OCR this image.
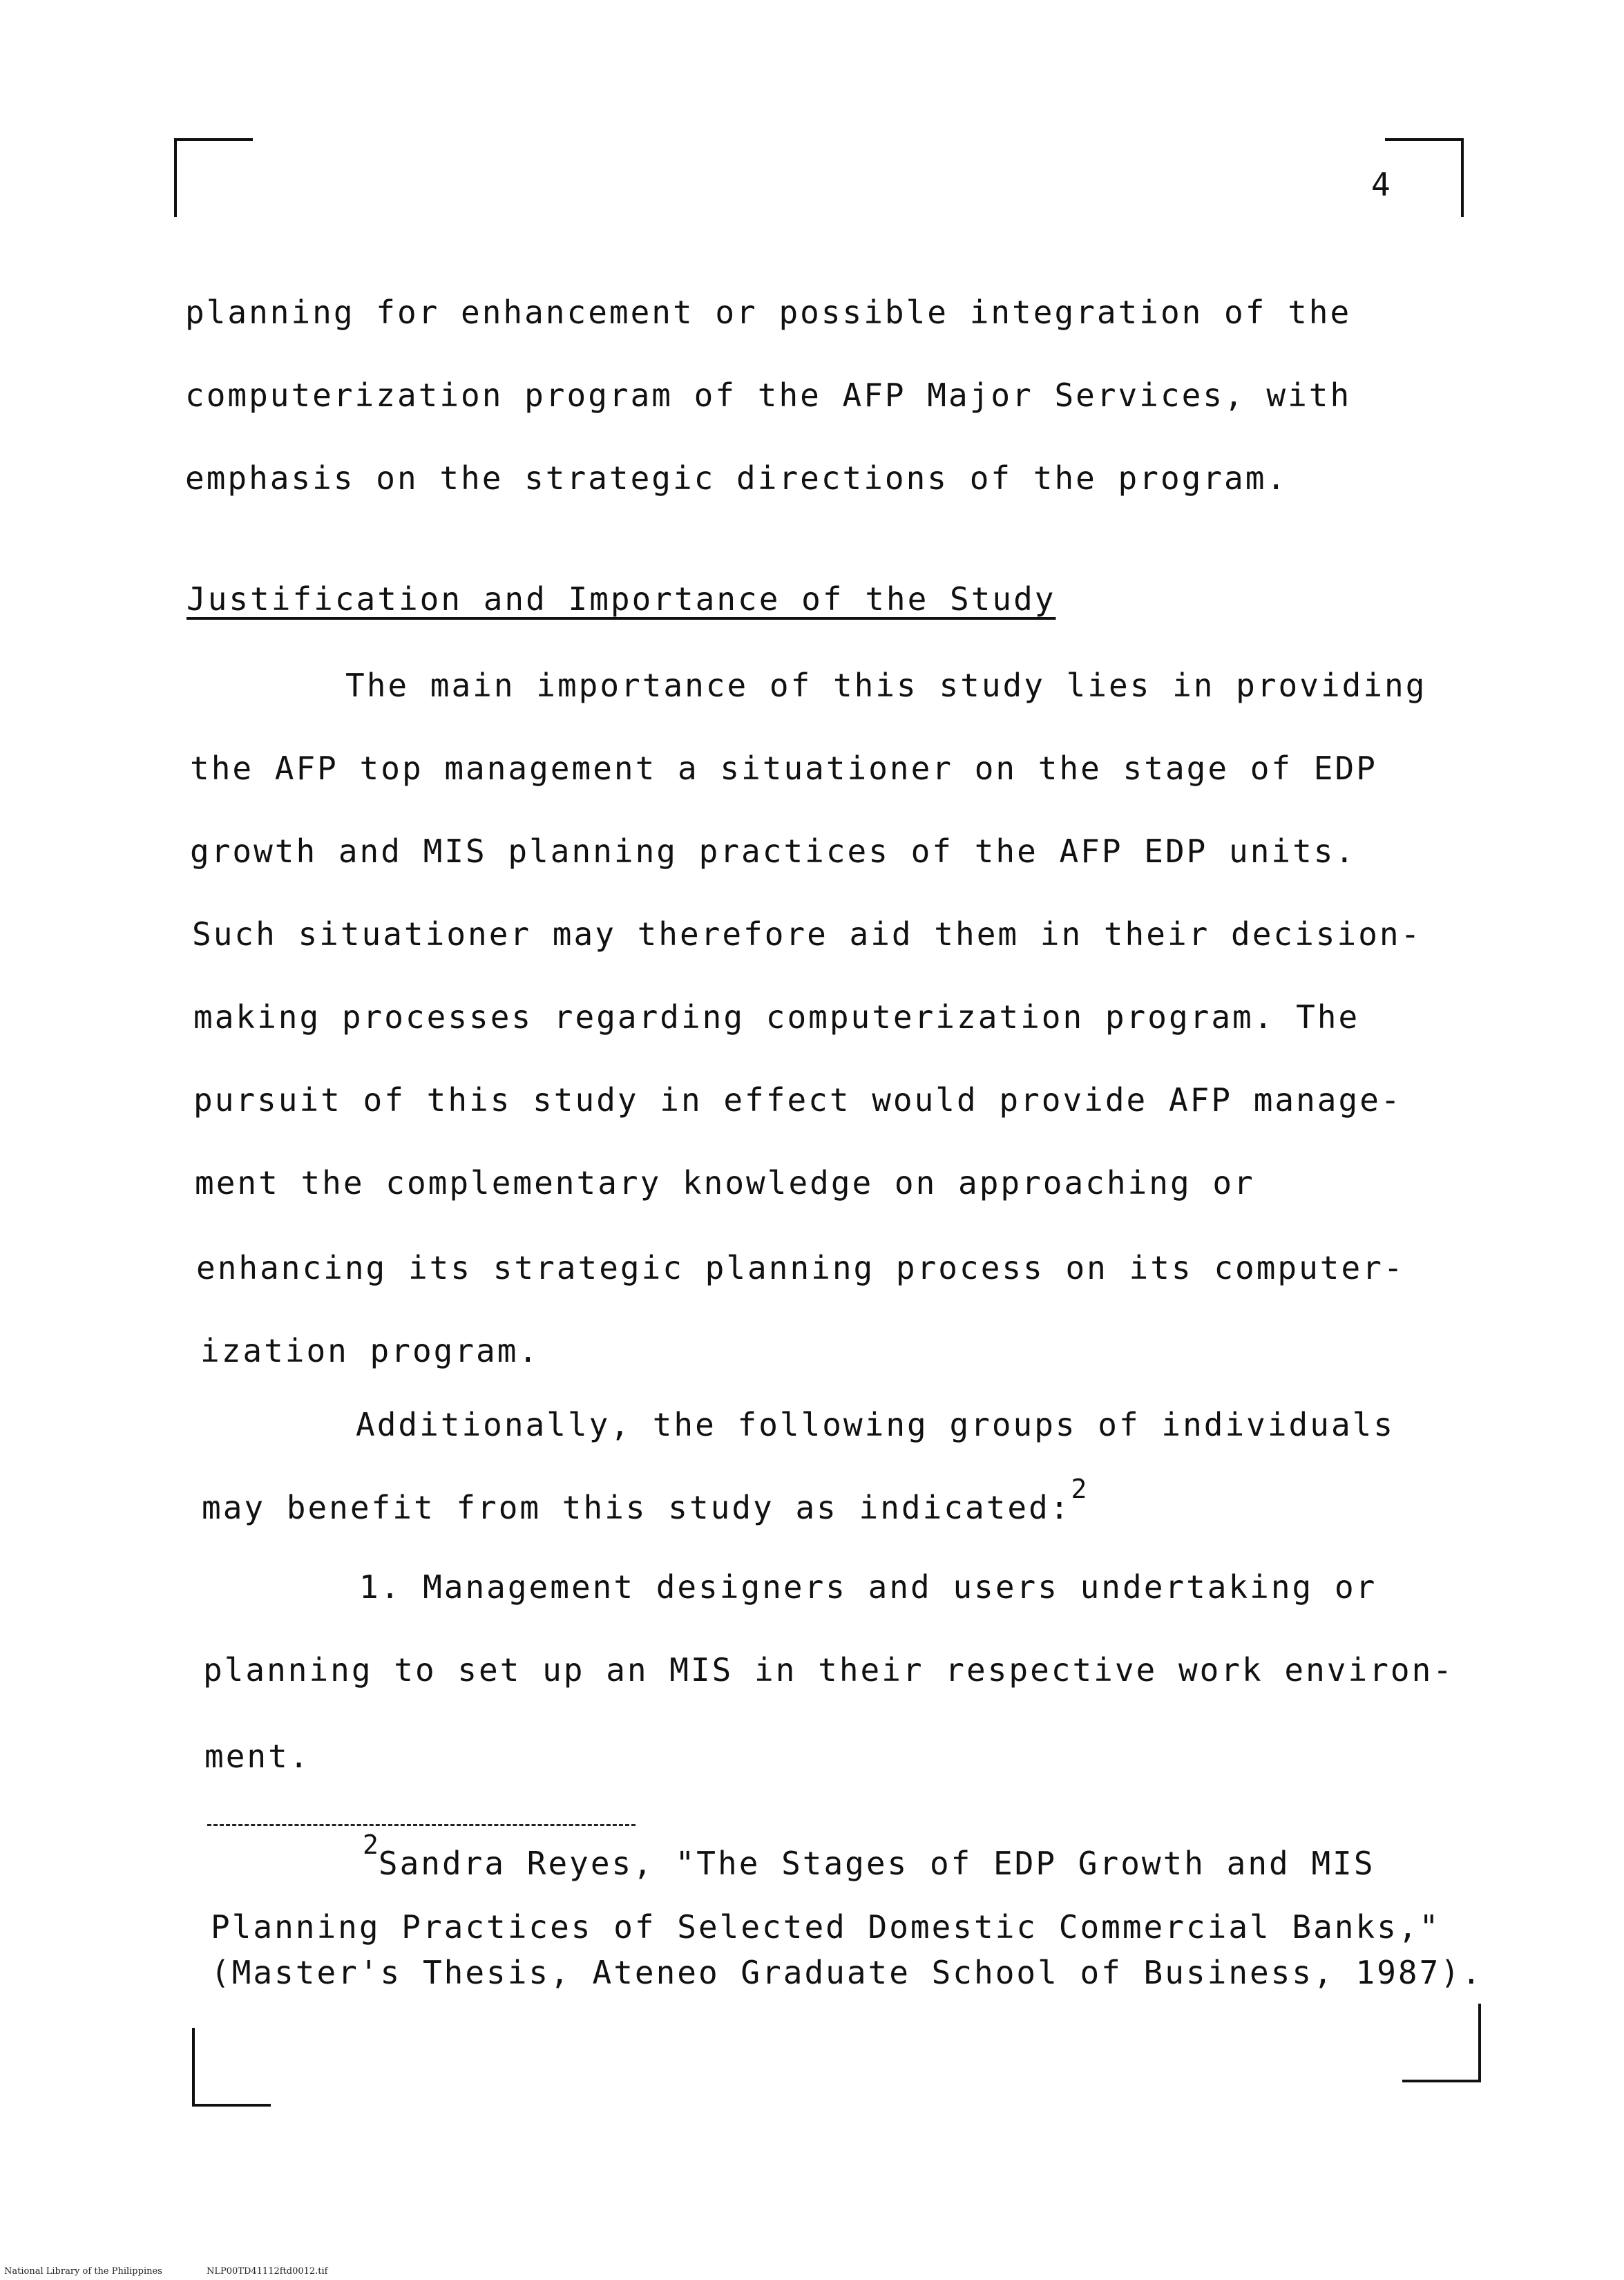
4
planning for enhancement or possible integration of the
computerization program of the AFP Major Services, with
emphasis on the strategic directions of the program.
Justification and Importance of the Study
The main importance of this study lies in providing
the AFP top management a situationer on the stage of EDP
growth and MIS planning practices of the AFP EDP units.
Such situationer may therefore aid them in their decision-
making processes regarding computerization program. The
pursuit of this study in effect would provide AFP manage-
ment the complementary knowledge on approaching or
enhancing its strategic planning process on its computer-
ization program.
Additionally, the following groups of individuals
may benefit from this study as indicated:$^2$
1. Management designers and users undertaking or
planning to set up an MIS in their respective work environ-
ment.
$^2$Sandra Reyes, "The Stages of EDP Growth and MIS
Planning Practices of Selected Domestic Commercial Banks,"
(Master's Thesis, Ateneo Graduate School of Business, 1987).
National Library of the Philippines	NLP00TD41112ftd0012.tif
